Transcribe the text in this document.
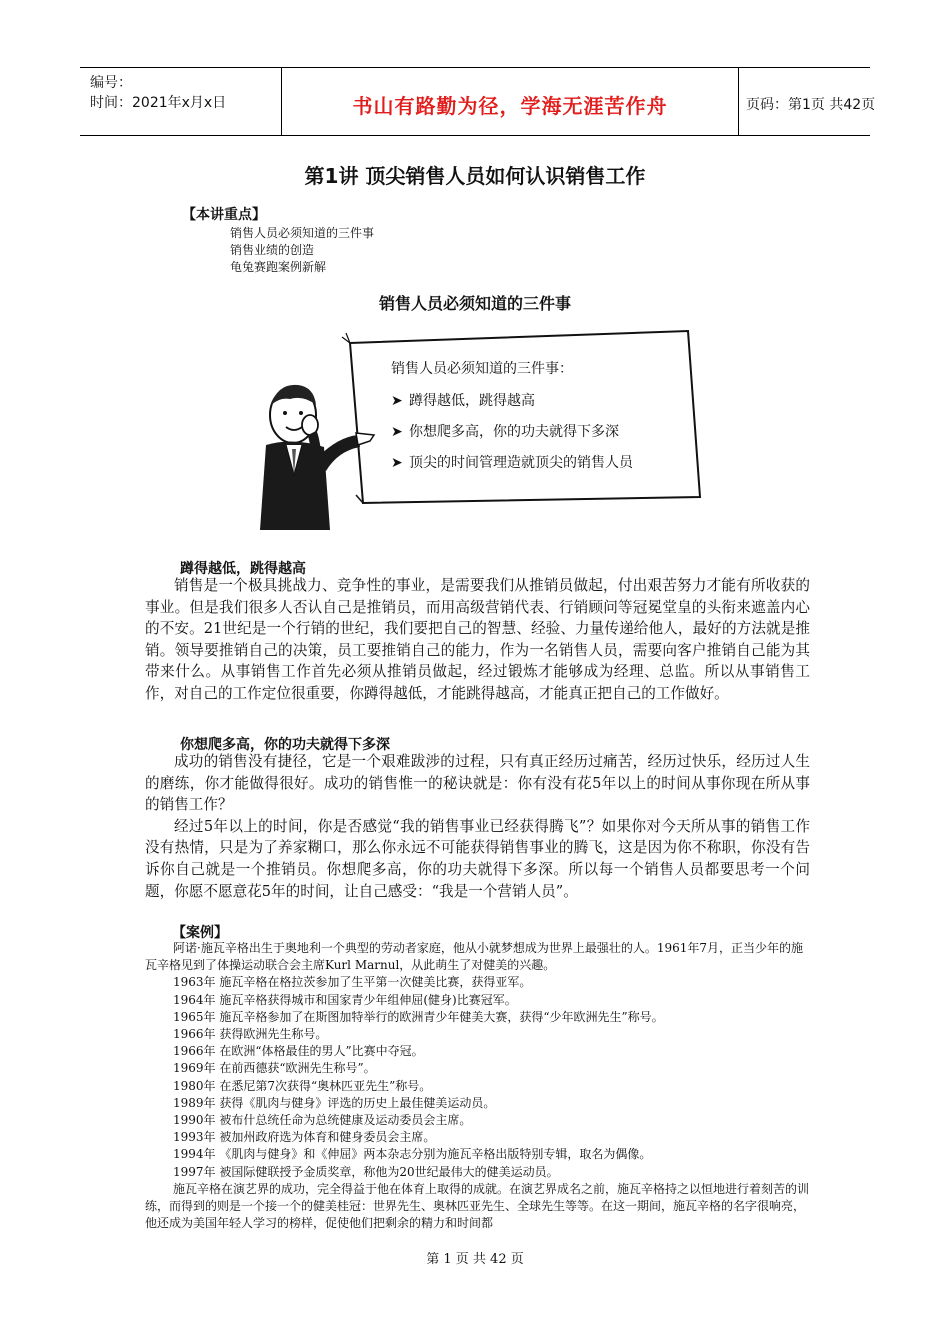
编号：
时间：2021年x月x日	书山有路勤为径，学海无涯苦作舟	页码：第1页 共42页
第1讲 顶尖销售人员如何认识销售工作
【本讲重点】
销售人员必须知道的三件事
销售业绩的创造
龟兔赛跑案例新解
销售人员必须知道的三件事
销售人员必须知道的三件事：
➤ 蹲得越低，跳得越高
➤ 你想爬多高，你的功夫就得下多深
➤ 顶尖的时间管理造就顶尖的销售人员
蹲得越低，跳得越高

销售是一个极具挑战力、竞争性的事业，是需要我们从推销员做起，付出艰苦努力才能有所收获的事业。但是我们很多人否认自己是推销员，而用高级营销代表、行销顾问等冠冕堂皇的头衔来遮盖内心的不安。21世纪是一个行销的世纪，我们要把自己的智慧、经验、力量传递给他人，最好的方法就是推销。领导要推销自己的决策，员工要推销自己的能力，作为一名销售人员，需要向客户推销自己能为其带来什么。从事销售工作首先必须从推销员做起，经过锻炼才能够成为经理、总监。所以从事销售工作，对自己的工作定位很重要，你蹲得越低，才能跳得越高，才能真正把自己的工作做好。

你想爬多高，你的功夫就得下多深

成功的销售没有捷径，它是一个艰难跋涉的过程，只有真正经历过痛苦，经历过快乐，经历过人生的磨练，你才能做得很好。成功的销售惟一的秘诀就是：你有没有花5年以上的时间从事你现在所从事的销售工作？

经过5年以上的时间，你是否感觉“我的销售事业已经获得腾飞”？如果你对今天所从事的销售工作没有热情，只是为了养家糊口，那么你永远不可能获得销售事业的腾飞，这是因为你不称职，你没有告诉你自己就是一个推销员。你想爬多高，你的功夫就得下多深。所以每一个销售人员都要思考一个问题，你愿不愿意花5年的时间，让自己感受：“我是一个营销人员”。

【案例】

阿诺·施瓦辛格出生于奥地利一个典型的劳动者家庭，他从小就梦想成为世界上最强壮的人。1961年7月，正当少年的施瓦辛格见到了体操运动联合会主席Kurl Marnul，从此萌生了对健美的兴趣。

1963年 施瓦辛格在格拉茨参加了生平第一次健美比赛，获得亚军。

1964年 施瓦辛格获得城市和国家青少年组伸屈(健身)比赛冠军。

1965年 施瓦辛格参加了在斯图加特举行的欧洲青少年健美大赛，获得“少年欧洲先生”称号。

1966年 获得欧洲先生称号。

1966年 在欧洲“体格最佳的男人”比赛中夺冠。

1969年 在前西德获“欧洲先生称号”。

1980年 在悉尼第7次获得“奥林匹亚先生”称号。

1989年 获得《肌肉与健身》评选的历史上最佳健美运动员。

1990年 被布什总统任命为总统健康及运动委员会主席。

1993年 被加州政府选为体育和健身委员会主席。

1994年 《肌肉与健身》和《伸屈》两本杂志分别为施瓦辛格出版特别专辑，取名为偶像。

1997年 被国际健联授予金质奖章，称他为20世纪最伟大的健美运动员。

施瓦辛格在演艺界的成功，完全得益于他在体育上取得的成就。在演艺界成名之前，施瓦辛格持之以恒地进行着刻苦的训练，而得到的则是一个接一个的健美桂冠：世界先生、奥林匹亚先生、全球先生等等。在这一期间，施瓦辛格的名字很响亮，他还成为美国年轻人学习的榜样，促使他们把剩余的精力和时间都

第 1 页 共 42 页
